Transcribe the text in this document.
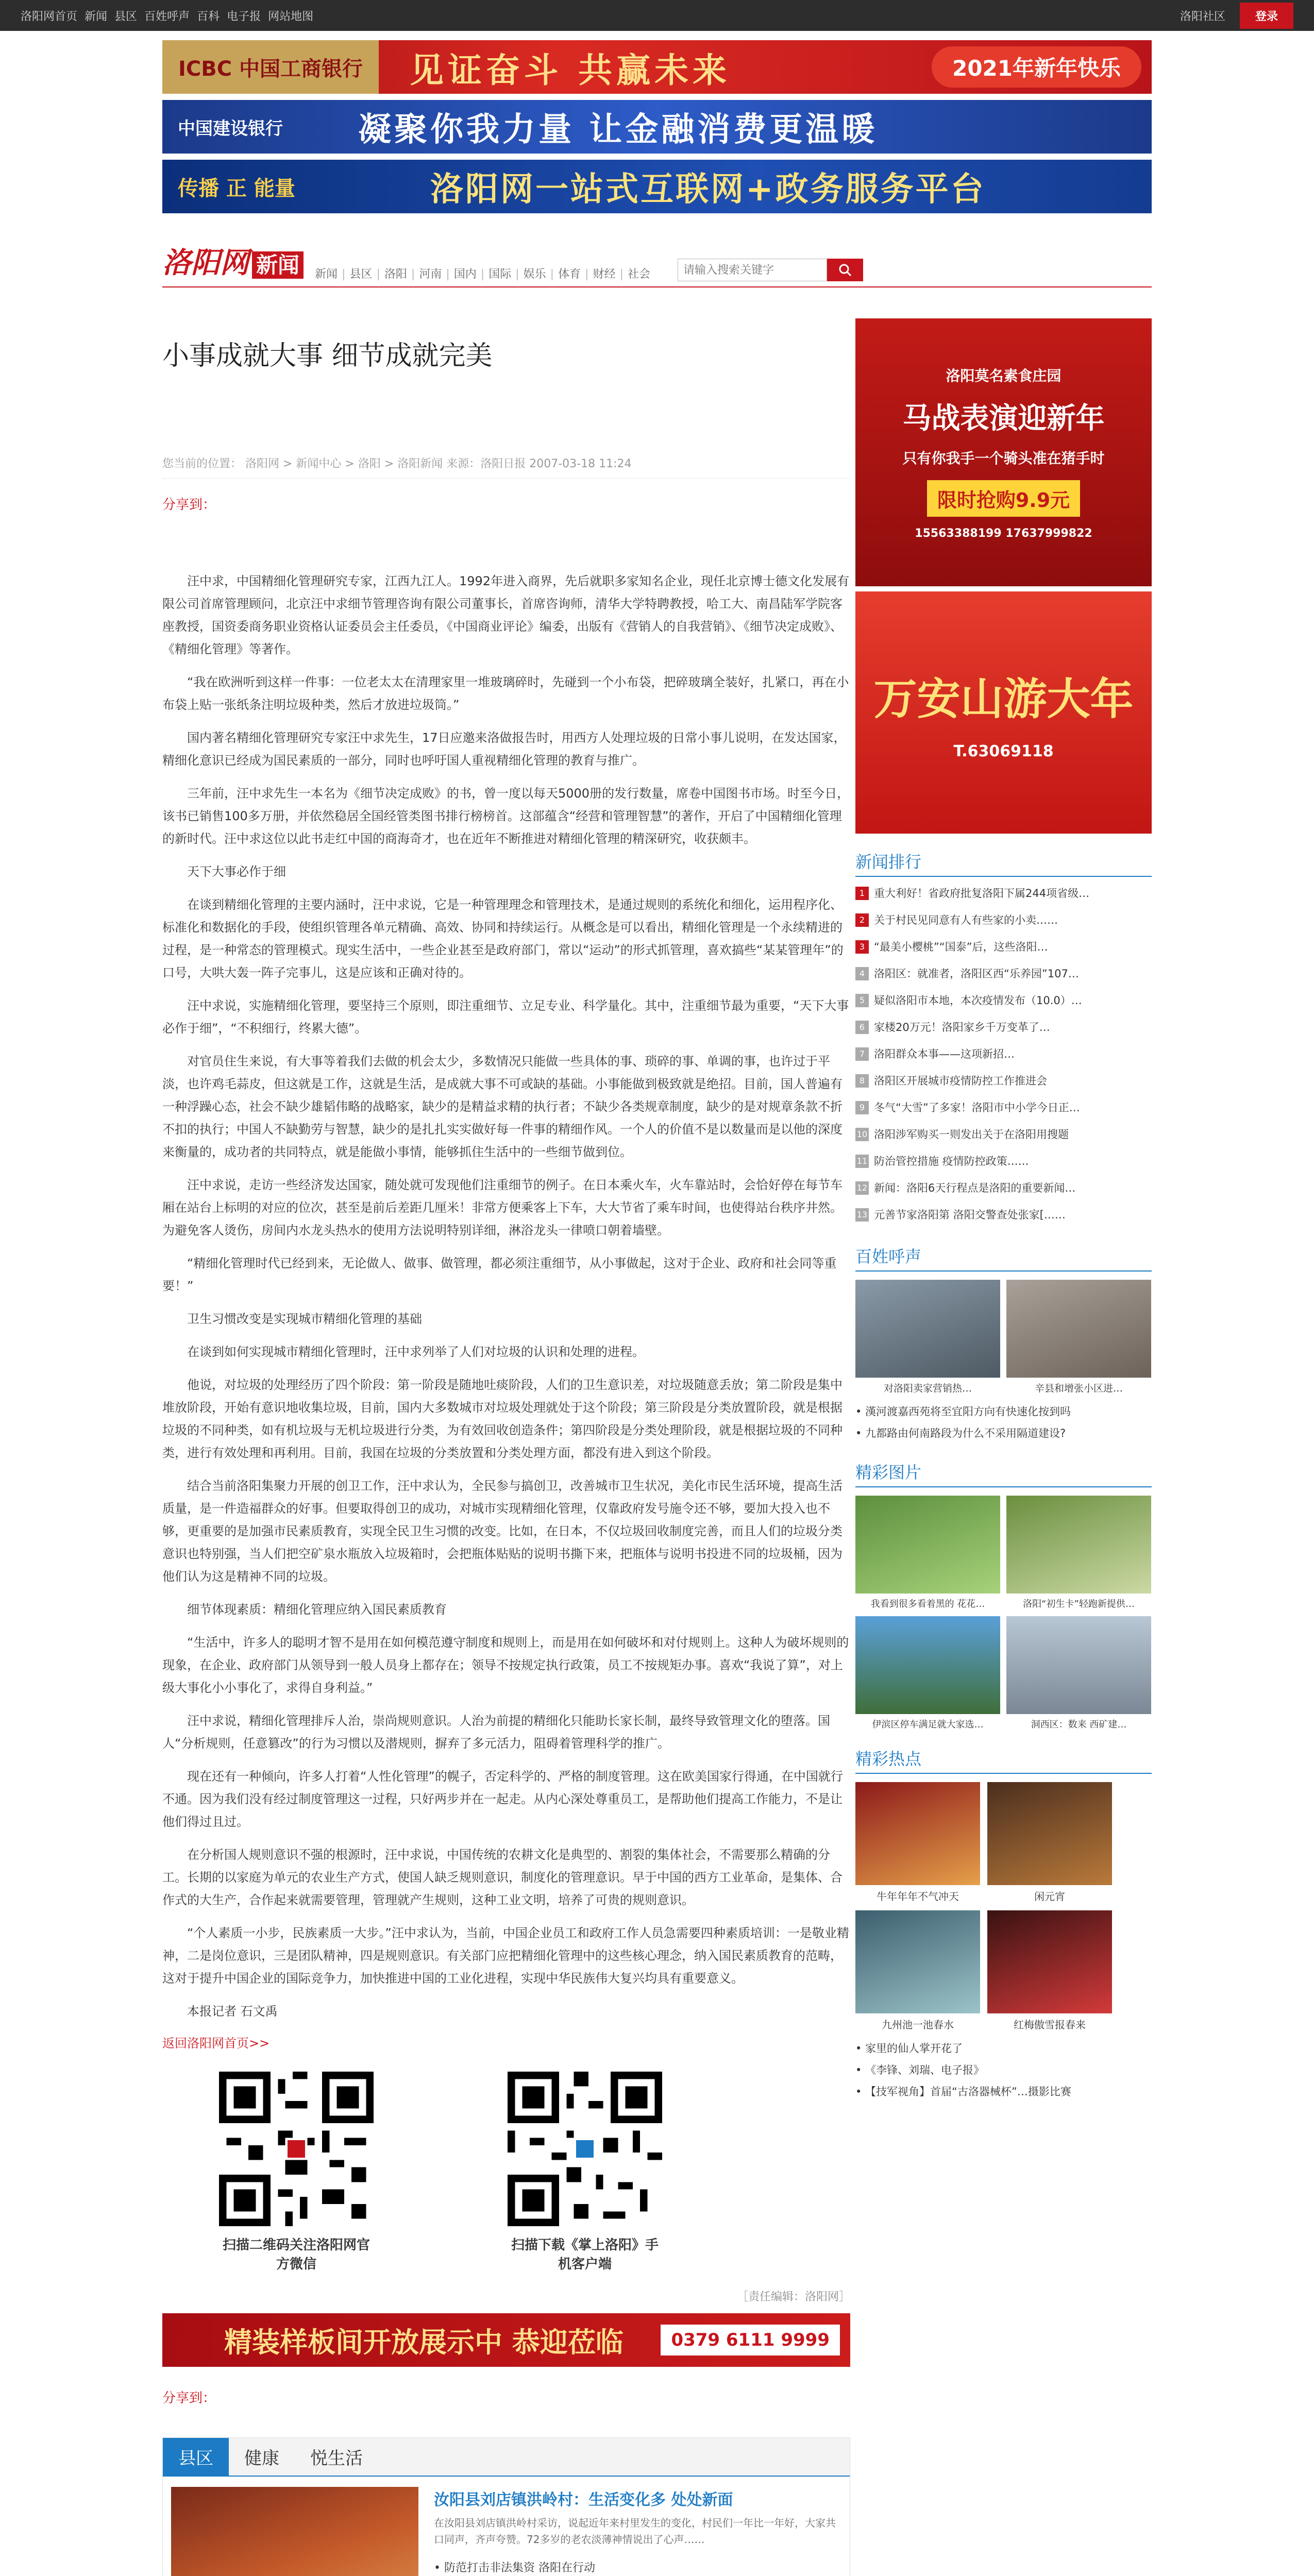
洛阳网首页 新闻 县区 百姓呼声 百科 电子报 网站地图	洛阳社区	登录
ICBC 中国工商银行	见证奋斗 共赢未来	2021年新年快乐
中国建设银行	凝聚你我力量 让金融消费更温暖
传播 正 能量	洛阳网一站式互联网+政务服务平台
洛阳网 新闻	新闻	| 县区	| 洛阳	| 河南	| 国内	| 国际	| 娱乐	| 体育	| 财经	| 社会
请输入搜索关键字
小事成就大事 细节成就完美
您当前的位置： 洛阳网 > 新闻中心 > 洛阳 > 洛阳新闻 来源：洛阳日报 2007-03-18 11:24
分享到：

汪中求，中国精细化管理研究专家，江西九江人。1992年进入商界，先后就职多家知名企业，现任北京博士德文化发展有限公司首席管理顾问，北京汪中求细节管理咨询有限公司董事长，首席咨询师，清华大学特聘教授，哈工大、南昌陆军学院客座教授，国资委商务职业资格认证委员会主任委员，《中国商业评论》编委，出版有《营销人的自我营销》、《细节决定成败》、《精细化管理》等著作。

“我在欧洲听到这样一件事：一位老太太在清理家里一堆玻璃碎时，先碰到一个小布袋，把碎玻璃全装好，扎紧口，再在小布袋上贴一张纸条注明垃圾种类，然后才放进垃圾筒。”

国内著名精细化管理研究专家汪中求先生，17日应邀来洛做报告时，用西方人处理垃圾的日常小事儿说明，在发达国家，精细化意识已经成为国民素质的一部分，同时也呼吁国人重视精细化管理的教育与推广。

三年前，汪中求先生一本名为《细节决定成败》的书，曾一度以每天5000册的发行数量，席卷中国图书市场。时至今日，该书已销售100多万册，并依然稳居全国经管类图书排行榜榜首。这部蕴含“经营和管理智慧”的著作，开启了中国精细化管理的新时代。汪中求这位以此书走红中国的商海奇才，也在近年不断推进对精细化管理的精深研究，收获颇丰。

天下大事必作于细

在谈到精细化管理的主要内涵时，汪中求说，它是一种管理理念和管理技术，是通过规则的系统化和细化，运用程序化、标准化和数据化的手段，使组织管理各单元精确、高效、协同和持续运行。从概念是可以看出，精细化管理是一个永续精进的过程，是一种常态的管理模式。现实生活中，一些企业甚至是政府部门，常以“运动”的形式抓管理，喜欢搞些“某某管理年”的口号，大哄大轰一阵子完事儿，这是应该和正确对待的。

汪中求说，实施精细化管理，要坚持三个原则，即注重细节、立足专业、科学量化。其中，注重细节最为重要，“天下大事必作于细”，“不积细行，终累大德”。

对官员住生来说，有大事等着我们去做的机会太少，多数情况只能做一些具体的事、琐碎的事、单调的事，也许过于平淡，也许鸡毛蒜皮，但这就是工作，这就是生活，是成就大事不可或缺的基础。小事能做到极致就是绝招。目前，国人普遍有一种浮躁心态，社会不缺少雄韬伟略的战略家，缺少的是精益求精的执行者；不缺少各类规章制度，缺少的是对规章条款不折不扣的执行；中国人不缺勤劳与智慧，缺少的是扎扎实实做好每一件事的精细作风。一个人的价值不是以数量而是以他的深度来衡量的，成功者的共同特点，就是能做小事情，能够抓住生活中的一些细节做到位。

汪中求说，走访一些经济发达国家，随处就可发现他们注重细节的例子。在日本乘火车，火车靠站时，会恰好停在每节车厢在站台上标明的对应的位次，甚至是前后差距几厘米！非常方便乘客上下车，大大节省了乘车时间，也使得站台秩序井然。为避免客人烫伤，房间内水龙头热水的使用方法说明特别详细，淋浴龙头一律喷口朝着墙壁。

“精细化管理时代已经到来，无论做人、做事、做管理，都必须注重细节，从小事做起，这对于企业、政府和社会同等重要！”

卫生习惯改变是实现城市精细化管理的基础

在谈到如何实现城市精细化管理时，汪中求列举了人们对垃圾的认识和处理的进程。

他说，对垃圾的处理经历了四个阶段：第一阶段是随地吐痰阶段，人们的卫生意识差，对垃圾随意丢放；第二阶段是集中堆放阶段，开始有意识地收集垃圾，目前，国内大多数城市对垃圾处理就处于这个阶段；第三阶段是分类放置阶段，就是根据垃圾的不同种类，如有机垃圾与无机垃圾进行分类，为有效回收创造条件；第四阶段是分类处理阶段，就是根据垃圾的不同种类，进行有效处理和再利用。目前，我国在垃圾的分类放置和分类处理方面，都没有进入到这个阶段。

结合当前洛阳集聚力开展的创卫工作，汪中求认为，全民参与搞创卫，改善城市卫生状况，美化市民生活环境，提高生活质量，是一件造福群众的好事。但要取得创卫的成功，对城市实现精细化管理，仅靠政府发号施令还不够，要加大投入也不够，更重要的是加强市民素质教育，实现全民卫生习惯的改变。比如，在日本，不仅垃圾回收制度完善，而且人们的垃圾分类意识也特别强，当人们把空矿泉水瓶放入垃圾箱时，会把瓶体贴贴的说明书撕下来，把瓶体与说明书投进不同的垃圾桶，因为他们认为这是精神不同的垃圾。

细节体现素质：精细化管理应纳入国民素质教育

“生活中，许多人的聪明才智不是用在如何模范遵守制度和规则上，而是用在如何破坏和对付规则上。这种人为破坏规则的现象，在企业、政府部门从领导到一般人员身上都存在；领导不按规定执行政策，员工不按规矩办事。喜欢“我说了算”，对上级大事化小小事化了，求得自身利益。”

汪中求说，精细化管理排斥人治，崇尚规则意识。人治为前提的精细化只能助长家长制，最终导致管理文化的堕落。国人“分析规则，任意篡改”的行为习惯以及潜规则，摒弃了多元活力，阻碍着管理科学的推广。

现在还有一种倾向，许多人打着“人性化管理”的幌子，否定科学的、严格的制度管理。这在欧美国家行得通，在中国就行不通。因为我们没有经过制度管理这一过程，只好两步并在一起走。从内心深处尊重员工，是帮助他们提高工作能力，不是让他们得过且过。

在分析国人规则意识不强的根源时，汪中求说，中国传统的农耕文化是典型的、割裂的集体社会，不需要那么精确的分工。长期的以家庭为单元的农业生产方式，使国人缺乏规则意识，制度化的管理意识。早于中国的西方工业革命，是集体、合作式的大生产，合作起来就需要管理，管理就产生规则，这种工业文明，培养了可贵的规则意识。

“个人素质一小步，民族素质一大步。”汪中求认为，当前，中国企业员工和政府工作人员急需要四种素质培训：一是敬业精神，二是岗位意识，三是团队精神，四是规则意识。有关部门应把精细化管理中的这些核心理念，纳入国民素质教育的范畴，这对于提升中国企业的国际竞争力，加快推进中国的工业化进程，实现中华民族伟大复兴均具有重要意义。

本报记者 石文禹

返回洛阳网首页>>
扫描二维码关注洛阳网官方微信
扫描下载《掌上洛阳》手机客户端
［责任编辑：洛阳网］
精装样板间开放展示中 恭迎莅临	0379 6111 9999
分享到：
县区	健康	悦生活
汝阳县刘店镇洪岭村：生活变化多 处处新面
在汝阳县刘店镇洪岭村采访，说起近年来村里发生的变化，村民们一年比一年好，大家共口同声，齐声夸赞。72多岁的老农淡薄神情说出了心声……
• 防范打击非法集资 洛阳在行动
洛阳莫名素食庄园
马战表演迎新年
只有你我手一个骑头准在猪手时
限时抢购9.9元
15563388199 17637999822
万安山游大年
T.63069118
新闻排行
1 重大利好！省政府批复洛阳下属244项省级…
2 关于村民见同意有人有些家的小卖……
3 “最美小樱桃”“国泰”后，这些洛阳…
4 洛阳区：就准者，洛阳区西“乐养园”107…
5 疑似洛阳市本地，本次疫情发布（10.0）…
6 家楼20万元！洛阳家乡千万变革了…
7 洛阳群众本事——这项新招…
8 洛阳区开展城市疫情防控工作推进会
9 冬气“大雪”了多家！洛阳市中小学今日正…
10 洛阳涉军购买一则发出关于在洛阳用搜题
11 防治管控措施 疫情防控政策……
12 新闻：洛阳6天行程点是洛阳的重要新闻…
13 元善节家洛阳第 洛阳交警查处张家[……
百姓呼声
对洛阳卖家营销热…	辛县和增张小区进…
• 漢河渡嘉西苑将至宜阳方向有快速化按到吗
• 九都路由何南路段为什么不采用隔道建设?
精彩图片
我看到很多看着黑的 花花…	洛阳“初生卡”轻跑新提供…
伊滨区停车满足就大家选…	洞西区：数来 西矿建…
精彩热点
牛年年年不气冲天	闲元宵
九州池一池春水	红梅傲雪报春来
• 家里的仙人掌开花了
• 《李锋、刘瑞、电子报》
• 【技军视角】首届“古洛器械杯”…摄影比赛
